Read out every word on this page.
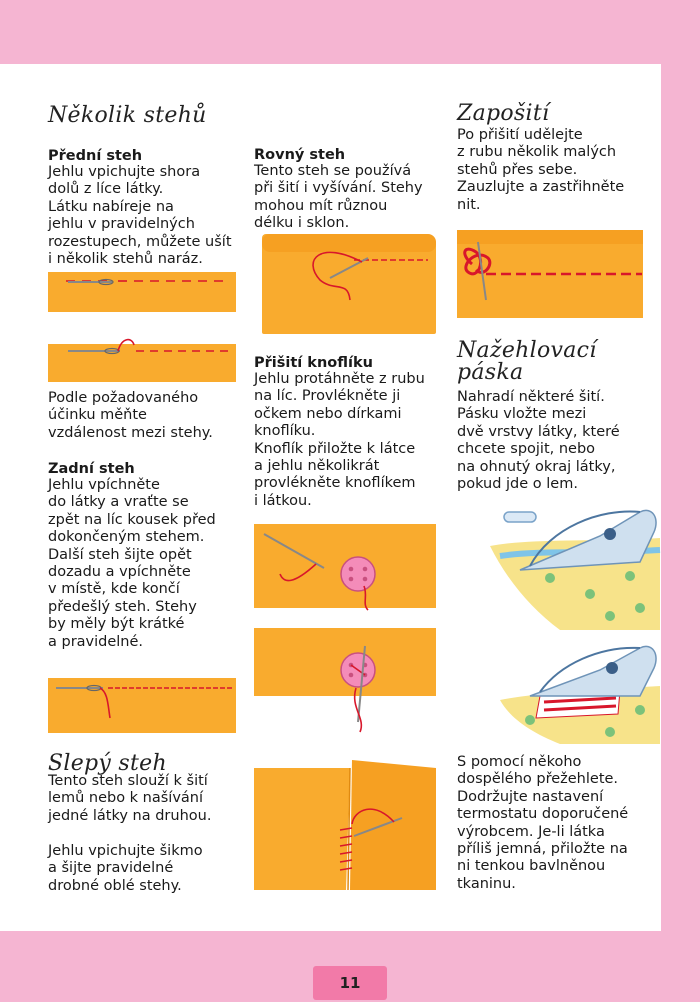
Několik stehů
Přední steh
Jehlu vpichujte shora
dolů z líce látky.
Látku nabíreje na
jehlu v pravidelných
rozestupech, můžete ušít
i několik stehů naráz.
Podle požadovaného
účinku měňte
vzdálenost mezi stehy.
Zadní steh
Jehlu vpíchněte
do látky a vraťte se
zpět na líc kousek před
dokončeným stehem.
Další steh šijte opět
dozadu a vpíchněte
v místě, kde končí
předešlý steh. Stehy
by měly být krátké
a pravidelné.
Slepý steh
Tento steh slouží k šití
lemů nebo k našívání
jedné látky na druhou.
Jehlu vpichujte šikmo
a šijte pravidelné
drobné oblé stehy.
Rovný steh
Tento steh se používá
při šití i vyšívání. Stehy
mohou mít různou
délku i sklon.
Přišití knoflíku
Jehlu protáhněte z rubu
na líc. Provlékněte ji
očkem nebo dírkami
knoflíku.
Knoflík přiložte k látce
a jehlu několikrát
provlékněte knoflíkem
i látkou.
Zapošití
Po přišití udělejte
z rubu několik malých
stehů přes sebe.
Zauzlujte a zastřihněte
nit.
Nažehlovací
páska
Nahradí některé šití.
Pásku vložte mezi
dvě vrstvy látky, které
chcete spojit, nebo
na ohnutý okraj látky,
pokud jde o lem.
S pomocí někoho
dospělého přežehlete.
Dodržujte nastavení
termostatu doporučené
výrobcem. Je-li látka
příliš jemná, přiložte na
ni tenkou bavlněnou
tkaninu.
11
